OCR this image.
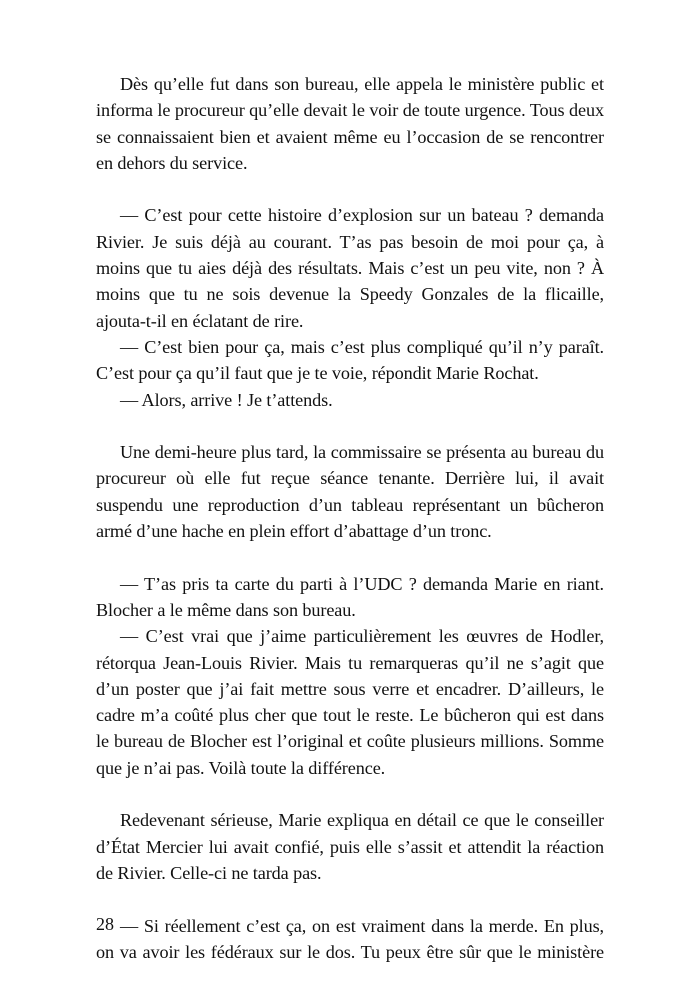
Dès qu’elle fut dans son bureau, elle appela le ministère public et informa le procureur qu’elle devait le voir de toute urgence. Tous deux se connaissaient bien et avaient même eu l’occasion de se rencontrer en dehors du service.

— C’est pour cette histoire d’explosion sur un bateau ? demanda Rivier. Je suis déjà au courant. T’as pas besoin de moi pour ça, à moins que tu aies déjà des résultats. Mais c’est un peu vite, non ? À moins que tu ne sois devenue la Speedy Gonzales de la flicaille, ajouta-t-il en éclatant de rire.

— C’est bien pour ça, mais c’est plus compliqué qu’il n’y paraît. C’est pour ça qu’il faut que je te voie, répondit Marie Rochat.

— Alors, arrive ! Je t’attends.

Une demi-heure plus tard, la commissaire se présenta au bureau du procureur où elle fut reçue séance tenante. Derrière lui, il avait suspendu une reproduction d’un tableau représentant un bûcheron armé d’une hache en plein effort d’abattage d’un tronc.

— T’as pris ta carte du parti à l’UDC ? demanda Marie en riant. Blocher a le même dans son bureau.

— C’est vrai que j’aime particulièrement les œuvres de Hodler, rétorqua Jean-Louis Rivier. Mais tu remarqueras qu’il ne s’agit que d’un poster que j’ai fait mettre sous verre et encadrer. D’ailleurs, le cadre m’a coûté plus cher que tout le reste. Le bûcheron qui est dans le bureau de Blocher est l’original et coûte plusieurs millions. Somme que je n’ai pas. Voilà toute la différence.

Redevenant sérieuse, Marie expliqua en détail ce que le conseiller d’État Mercier lui avait confié, puis elle s’assit et attendit la réaction de Rivier. Celle-ci ne tarda pas.

— Si réellement c’est ça, on est vraiment dans la merde. En plus, on va avoir les fédéraux sur le dos. Tu peux être sûr que le ministère

28
